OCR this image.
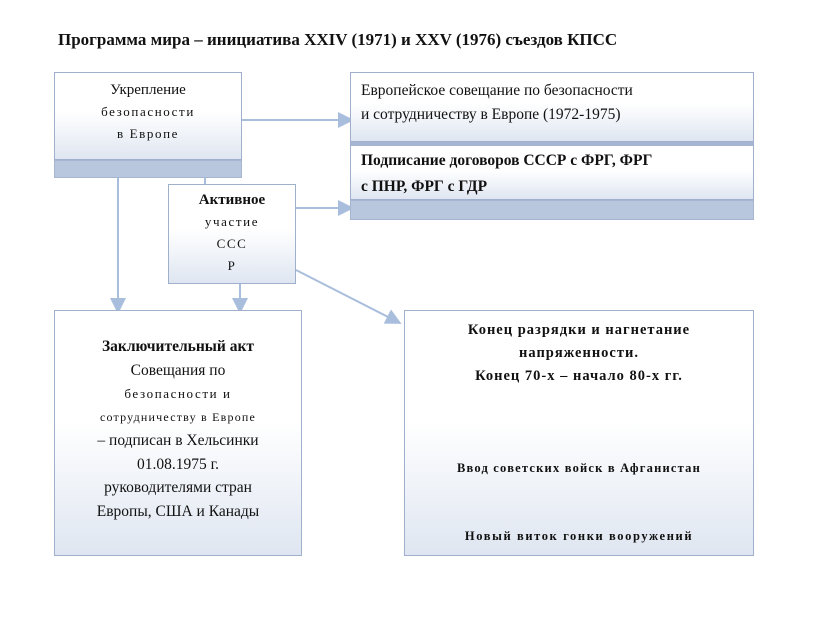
Программа мира – инициатива XXIV (1971) и XXV (1976) съездов КПСС
Укрепление
безопасности
в Европе
Европейское совещание по безопасности
и сотрудничеству в Европе (1972-1975)
Подписание договоров СССР с ФРГ, ФРГ
с ПНР, ФРГ с ГДР
Активное
участие
ССС
Р
Заключительный акт
Совещания по
безопасности и
сотрудничеству в Европе
– подписан в Хельсинки
01.08.1975 г.
руководителями стран
Европы, США и Канады
Конец разрядки и нагнетание
напряженности.
Конец 70-х – начало 80-х гг.
Ввод советских войск в Афганистан
Новый виток гонки вооружений
